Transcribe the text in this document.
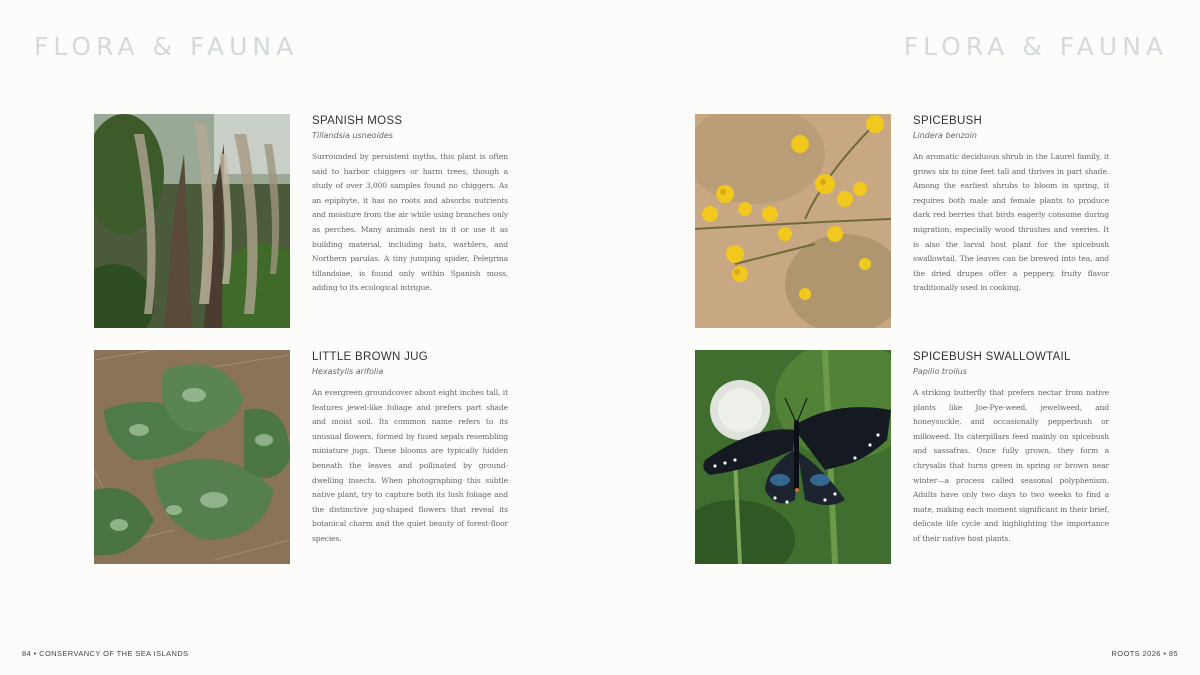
FLORA & FAUNA	FLORA & FAUNA
SPANISH MOSS
Tillandsia usneoides

Surrounded by persistent myths, this plant is often said to harbor chiggers or harm trees, though a study of over 3,000 samples found no chiggers. As an epiphyte, it has no roots and absorbs nutrients and moisture from the air while using branches only as perches. Many animals nest in it or use it as building material, including bats, warblers, and Northern parulas. A tiny jumping spider, Pelegrina tillandsiae, is found only within Spanish moss, adding to its ecological intrigue.

LITTLE BROWN JUG
Hexastylis arifolia

An evergreen groundcover about eight inches tall, it features jewel-like foliage and prefers part shade and moist soil. Its common name refers to its unusual flowers, formed by fused sepals resembling miniature jugs. These blooms are typically hidden beneath the leaves and pollinated by ground-dwelling insects. When photographing this subtle native plant, try to capture both its lush foliage and the distinctive jug-shaped flowers that reveal its botanical charm and the quiet beauty of forest-floor species.

SPICEBUSH
Lindera benzoin

An aromatic deciduous shrub in the Laurel family, it grows six to nine feet tall and thrives in part shade. Among the earliest shrubs to bloom in spring, it requires both male and female plants to produce dark red berries that birds eagerly consume during migration, especially wood thrushes and veeries. It is also the larval host plant for the spicebush swallowtail. The leaves can be brewed into tea, and the dried drupes offer a peppery, fruity flavor traditionally used in cooking.

SPICEBUSH SWALLOWTAIL
Papilio troilus

A striking butterfly that prefers nectar from native plants like Joe-Pye-weed, jewelweed, and honeysuckle, and occasionally pepperbush or milkweed. Its caterpillars feed mainly on spicebush and sassafras. Once fully grown, they form a chrysalis that turns green in spring or brown near winter—a process called seasonal polyphenism. Adults have only two days to two weeks to find a mate, making each moment significant in their brief, delicate life cycle and highlighting the importance of their native host plants.

84 • CONSERVANCY OF THE SEA ISLANDS	ROOTS 2026 • 85
